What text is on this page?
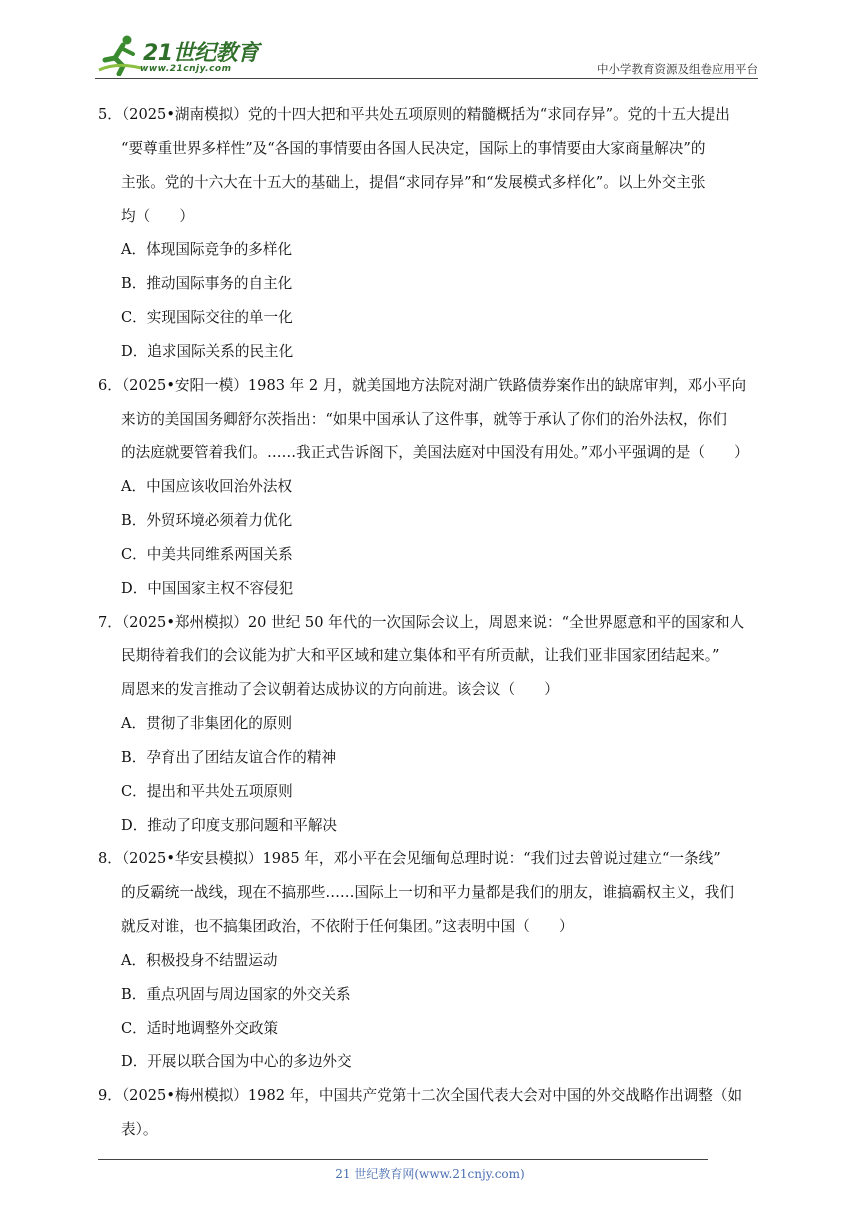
21世纪教育
www.21cnjy.com	中小学教育资源及组卷应用平台
5．（2025•湖南模拟）党的十四大把和平共处五项原则的精髓概括为“求同存异”。党的十五大提出
“要尊重世界多样性”及“各国的事情要由各国人民决定，国际上的事情要由大家商量解决”的
主张。党的十六大在十五大的基础上，提倡“求同存异”和“发展模式多样化”。以上外交主张
均（　　）
A．体现国际竞争的多样化
B．推动国际事务的自主化
C．实现国际交往的单一化
D．追求国际关系的民主化
6．（2025•安阳一模）1983 年 2 月，就美国地方法院对湖广铁路债券案作出的缺席审判，邓小平向
来访的美国国务卿舒尔茨指出：“如果中国承认了这件事，就等于承认了你们的治外法权，你们
的法庭就要管着我们。……我正式告诉阁下，美国法庭对中国没有用处。”邓小平强调的是（　　）
A．中国应该收回治外法权
B．外贸环境必须着力优化
C．中美共同维系两国关系
D．中国国家主权不容侵犯
7．（2025•郑州模拟）20 世纪 50 年代的一次国际会议上，周恩来说：“全世界愿意和平的国家和人
民期待着我们的会议能为扩大和平区域和建立集体和平有所贡献，让我们亚非国家团结起来。”
周恩来的发言推动了会议朝着达成协议的方向前进。该会议（　　）
A．贯彻了非集团化的原则
B．孕育出了团结友谊合作的精神
C．提出和平共处五项原则
D．推动了印度支那问题和平解决
8．（2025•华安县模拟）1985 年，邓小平在会见缅甸总理时说：“我们过去曾说过建立“一条线”
的反霸统一战线，现在不搞那些……国际上一切和平力量都是我们的朋友，谁搞霸权主义，我们
就反对谁，也不搞集团政治，不依附于任何集团。”这表明中国（　　）
A．积极投身不结盟运动
B．重点巩固与周边国家的外交关系
C．适时地调整外交政策
D．开展以联合国为中心的多边外交
9．（2025•梅州模拟）1982 年，中国共产党第十二次全国代表大会对中国的外交战略作出调整（如
表）。
21 世纪教育网(www.21cnjy.com)
